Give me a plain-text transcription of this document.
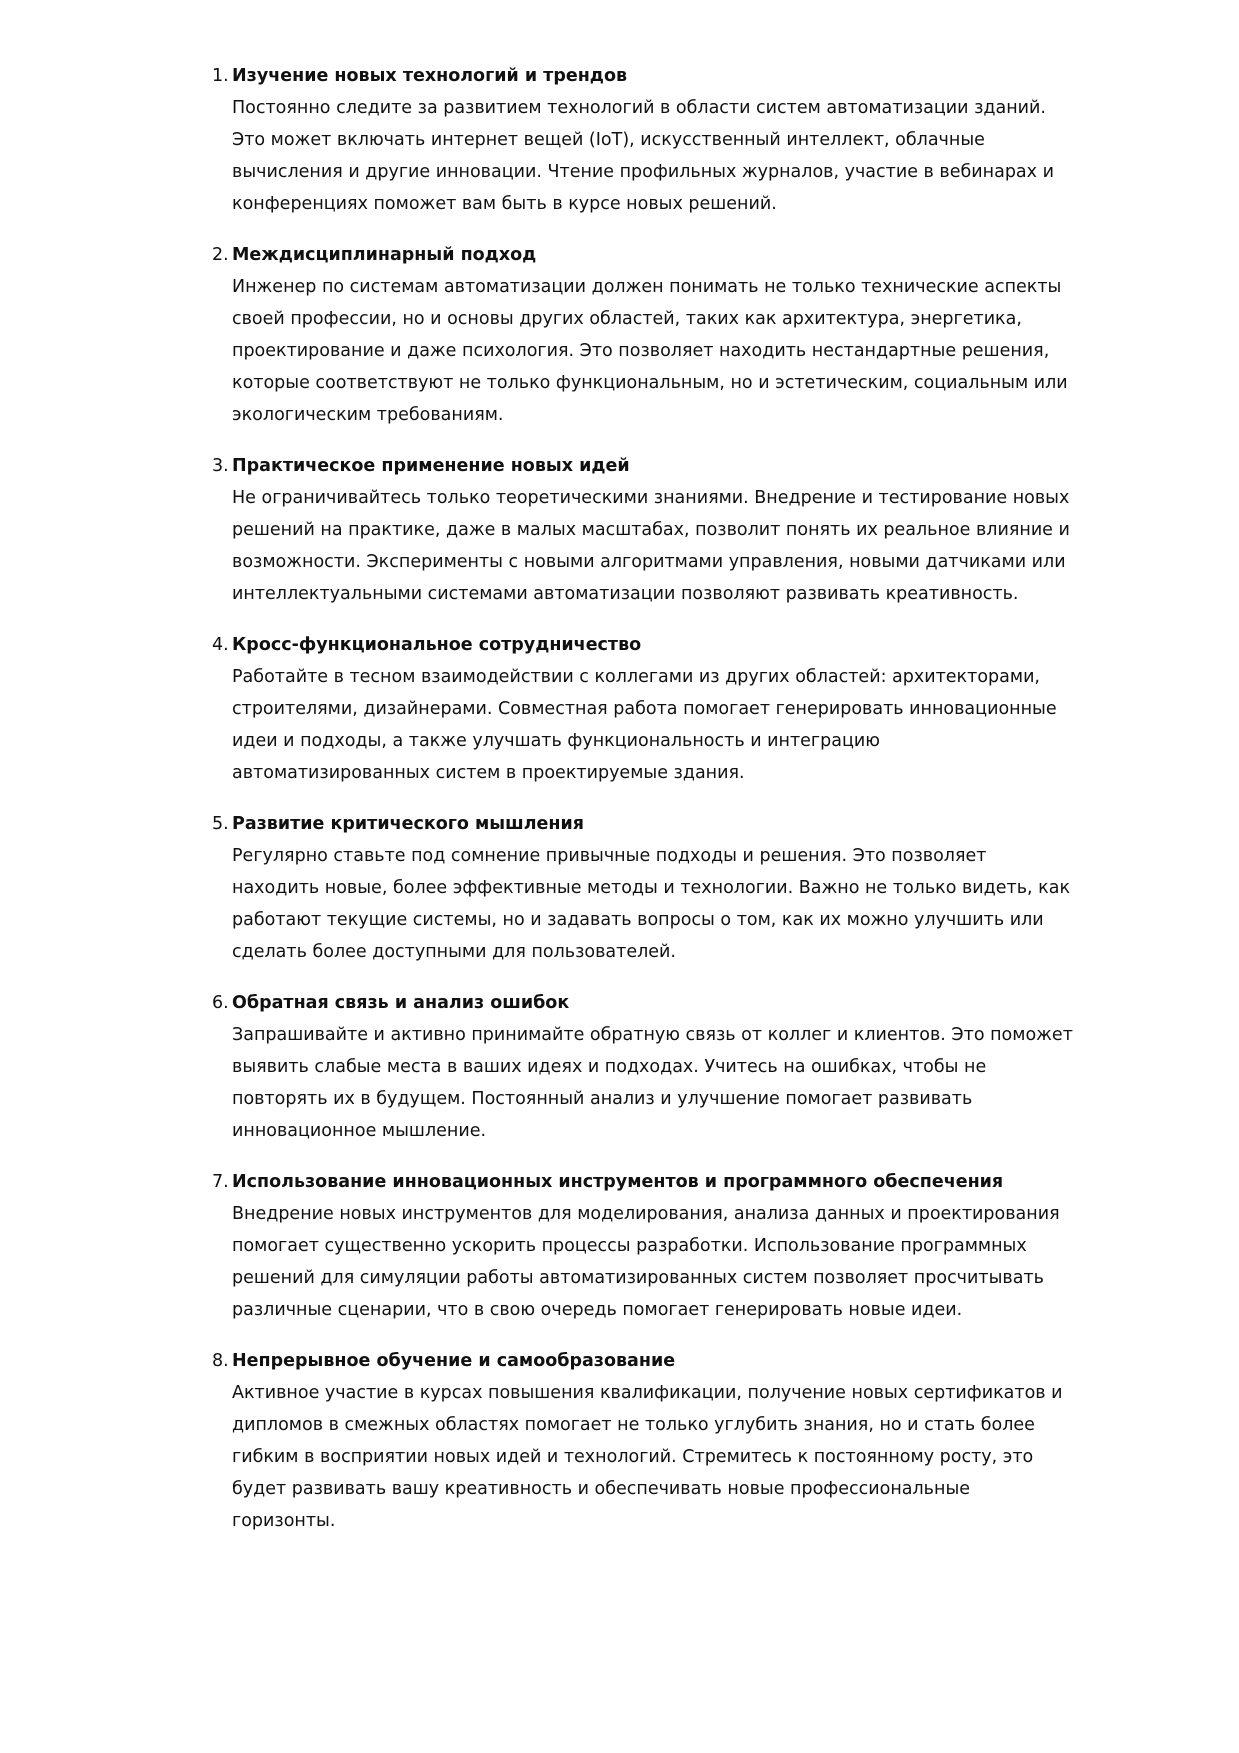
1. Изучение новых технологий и трендов
Постоянно следите за развитием технологий в области систем автоматизации зданий. Это может включать интернет вещей (IoT), искусственный интеллект, облачные вычисления и другие инновации. Чтение профильных журналов, участие в вебинарах и конференциях поможет вам быть в курсе новых решений.
2. Междисциплинарный подход
Инженер по системам автоматизации должен понимать не только технические аспекты своей профессии, но и основы других областей, таких как архитектура, энергетика, проектирование и даже психология. Это позволяет находить нестандартные решения, которые соответствуют не только функциональным, но и эстетическим, социальным или экологическим требованиям.
3. Практическое применение новых идей
Не ограничивайтесь только теоретическими знаниями. Внедрение и тестирование новых решений на практике, даже в малых масштабах, позволит понять их реальное влияние и возможности. Эксперименты с новыми алгоритмами управления, новыми датчиками или интеллектуальными системами автоматизации позволяют развивать креативность.
4. Кросс-функциональное сотрудничество
Работайте в тесном взаимодействии с коллегами из других областей: архитекторами, строителями, дизайнерами. Совместная работа помогает генерировать инновационные идеи и подходы, а также улучшать функциональность и интеграцию автоматизированных систем в проектируемые здания.
5. Развитие критического мышления
Регулярно ставьте под сомнение привычные подходы и решения. Это позволяет находить новые, более эффективные методы и технологии. Важно не только видеть, как работают текущие системы, но и задавать вопросы о том, как их можно улучшить или сделать более доступными для пользователей.
6. Обратная связь и анализ ошибок
Запрашивайте и активно принимайте обратную связь от коллег и клиентов. Это поможет выявить слабые места в ваших идеях и подходах. Учитесь на ошибках, чтобы не повторять их в будущем. Постоянный анализ и улучшение помогает развивать инновационное мышление.
7. Использование инновационных инструментов и программного обеспечения
Внедрение новых инструментов для моделирования, анализа данных и проектирования помогает существенно ускорить процессы разработки. Использование программных решений для симуляции работы автоматизированных систем позволяет просчитывать различные сценарии, что в свою очередь помогает генерировать новые идеи.
8. Непрерывное обучение и самообразование
Активное участие в курсах повышения квалификации, получение новых сертификатов и дипломов в смежных областях помогает не только углубить знания, но и стать более гибким в восприятии новых идей и технологий. Стремитесь к постоянному росту, это будет развивать вашу креативность и обеспечивать новые профессиональные горизонты.
